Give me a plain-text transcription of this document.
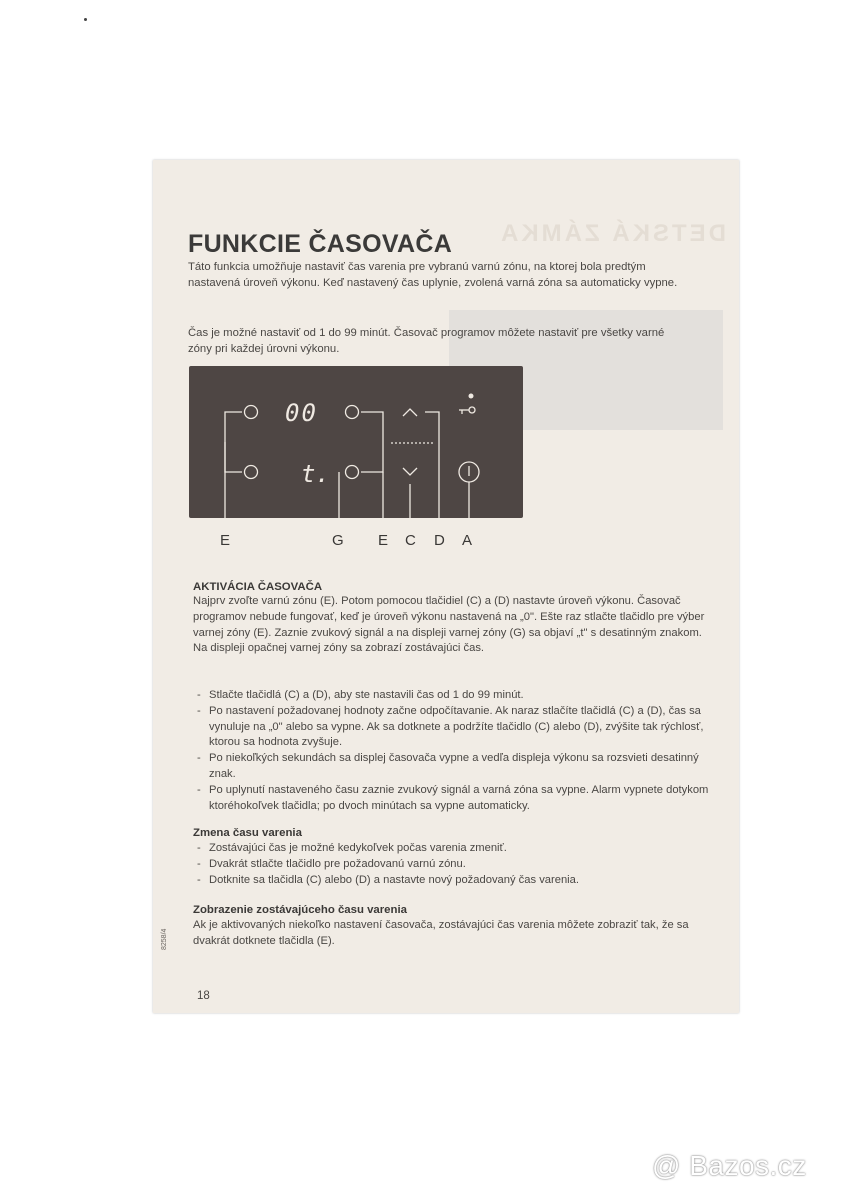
DETSKÁ ZÁMKA
FUNKCIE ČASOVAČA
Táto funkcia umožňuje nastaviť čas varenia pre vybranú varnú zónu, na ktorej bola predtým nastavená úroveň výkonu. Keď nastavený čas uplynie, zvolená varná zóna sa automaticky vypne.
Čas je možné nastaviť od 1 do 99 minút. Časovač programov môžete nastaviť pre všetky varné zóny pri každej úrovni výkonu.
00
t.
E	G E C D A
AKTIVÁCIA ČASOVAČA
Najprv zvoľte varnú zónu (E). Potom pomocou tlačidiel (C) a (D) nastavte úroveň výkonu. Časovač programov nebude fungovať, keď je úroveň výkonu nastavená na „0". Ešte raz stlačte tlačidlo pre výber varnej zóny (E). Zaznie zvukový signál a na displeji varnej zóny (G) sa objaví „t" s desatinným znakom. Na displeji opačnej varnej zóny sa zobrazí zostávajúci čas.
- Stlačte tlačidlá (C) a (D), aby ste nastavili čas od 1 do 99 minút.
- Po nastavení požadovanej hodnoty začne odpočítavanie. Ak naraz stlačíte tlačidlá (C) a (D), čas sa vynuluje na „0" alebo sa vypne. Ak sa dotknete a podržíte tlačidlo (C) alebo (D), zvýšite tak rýchlosť, ktorou sa hodnota zvyšuje.
- Po niekoľkých sekundách sa displej časovača vypne a vedľa displeja výkonu sa rozsvieti desatinný znak.
- Po uplynutí nastaveného času zaznie zvukový signál a varná zóna sa vypne. Alarm vypnete dotykom ktoréhokoľvek tlačidla; po dvoch minútach sa vypne automaticky.
Zmena času varenia
- Zostávajúci čas je možné kedykoľvek počas varenia zmeniť.
- Dvakrát stlačte tlačidlo pre požadovanú varnú zónu.
- Dotknite sa tlačidla (C) alebo (D) a nastavte nový požadovaný čas varenia.
Zobrazenie zostávajúceho času varenia
Ak je aktivovaných niekoľko nastavení časovača, zostávajúci čas varenia môžete zobraziť tak, že sa dvakrát dotknete tlačidla (E).
8258/4
18
@ Bazos.cz
